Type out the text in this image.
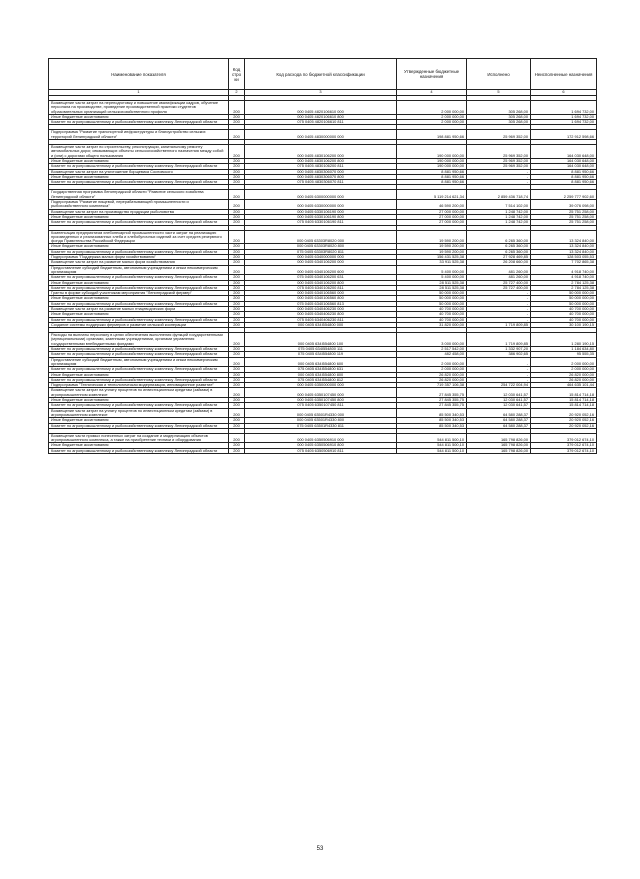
Наименование показателя	Код стро ки	Код расхода по бюджетной классификации	Утвержденные бюджетные назначения	Исполнено	Неисполненные назначения
1	2	3	4	5	6

Возмещение части затрат на переподготовку и повышение квалификации кадров, обучение персонала на производстве, проведение производственной практики студентов образовательных организаций сельскохозяйственного профиля	200	000 0405 4820106610 000	2 000 000,00	305 268,00	1 694 732,00
Иные бюджетные ассигнования	200	000 0405 4820106610 800	2 000 000,00	305 268,00	1 694 732,00
Комитет по агропромышленному и рыбохозяйственному комплексу Ленинградской области	200	075 0405 4820106610 811	2 000 000,00	305 268,00	1 694 732,00

Подпрограмма "Развитие транспортной инфраструктуры и благоустройство сельских территорий Ленинградской области"	200	000 0405 4830000000 000	198 881 950,66	25 969 352,00	172 912 598,66

Возмещение части затрат по строительству, реконструкции, капитальному ремонту автомобильных дорог, связывающих объекты сельскохозяйственного назначения между собой и (или) с дорогами общего пользования	200	000 0405 4830106200 000	190 000 000,00	25 969 352,00	164 030 648,00
Иные бюджетные ассигнования	200	000 0405 4830106200 800	190 000 000,00	25 969 352,00	164 030 648,00
Комитет по агропромышленному и рыбохозяйственному комплексу Ленинградской области	200	075 0405 4830106200 811	190 000 000,00	25 969 352,00	164 030 648,00
Возмещение части затрат на уничтожение борщевика Сосновского	200	000 0405 4830306070 000	8 881 950,66	-	8 881 950,66
Иные бюджетные ассигнования	200	000 0405 4830306070 800	8 881 950,66	-	8 881 950,66
Комитет по агропромышленному и рыбохозяйственному комплексу Ленинградской области	200	075 0405 4830306070 811	8 881 950,66	-	8 881 950,66

Государственная программа Ленинградской области "Развитие сельского хозяйства Ленинградской области"	200	000 0405 6300000000 000	5 119 214 621,34	2 859 436 718,74	2 259 777 902,60
Подпрограмма "Развитие пищевой, перерабатывающей промышленности и рыбохозяйственного комплекса"	200	000 0405 6330000000 000	46 590 200,00	7 514 102,00	39 076 098,00
Возмещение части затрат на производство продукции рыболовства	200	000 0405 6330106190 000	27 000 000,00	1 248 742,00	25 751 258,00
Иные бюджетные ассигнования	200	000 0405 6330106190 800	27 000 000,00	1 248 742,00	25 751 258,00
Комитет по агропромышленному и рыбохозяйственному комплексу Ленинградской области	200	075 0405 6330106190 811	27 000 000,00	1 248 742,00	25 751 258,00

Компенсация предприятиям хлебопекарной промышленности части затрат на реализацию произведенных и реализованных хлеба и хлебобулочных изделий за счет средств резервного фонда Правительства Российской Федерации	200	000 0405 63303R8020 000	19 590 200,00	6 265 360,00	13 324 840,00
Иные бюджетные ассигнования	200	000 0405 63303R8020 800	19 590 200,00	6 265 360,00	13 324 840,00
Комитет по агропромышленному и рыбохозяйственному комплексу Ленинградской области	200	075 0405 63303R8020 811	19 590 200,00	6 265 360,00	13 324 840,00
Подпрограмма "Поддержка малых форм хозяйствования"	200	000 0405 6340000000 000	156 431 525,38	27 928 469,85	128 503 055,53
Возмещение части затрат на развитие малых форм хозяйствования	200	000 0405 6340106200 000	33 911 525,38	26 208 660,00	7 702 865,38
Предоставление субсидий бюджетным, автономным учреждениям и иным некоммерческим организациям	200	000 0405 6340106200 600	5 400 000,00	481 260,00	4 918 740,00
Комитет по агропромышленному и рыбохозяйственному комплексу Ленинградской области	200	075 0405 6340106200 631	5 400 000,00	481 260,00	4 918 740,00
Иные бюджетные ассигнования	200	000 0405 6340106200 800	28 511 525,38	25 727 400,00	2 784 125,38
Комитет по агропромышленному и рыбохозяйственному комплексу Ленинградской области	200	075 0405 6340106200 811	28 511 525,38	25 727 400,00	2 784 125,38
Гранты в форме субсидий участникам мероприятия "Ленинградский фермер"	200	000 0405 6340106560 000	50 000 000,00	-	50 000 000,00
Иные бюджетные ассигнования	200	000 0405 6340106560 800	50 000 000,00	-	50 000 000,00
Комитет по агропромышленному и рыбохозяйственному комплексу Ленинградской области	200	075 0405 6340106560 813	50 000 000,00	-	50 000 000,00
Возмещение части затрат на развитие малых птицеводческих форм	200	000 0405 6340406230 000	40 700 000,00	-	40 700 000,00
Иные бюджетные ассигнования	200	000 0405 6340406230 800	40 700 000,00	-	40 700 000,00
Комитет по агропромышленному и рыбохозяйственному комплексу Ленинградской области	200	075 0405 6340406230 811	40 700 000,00	-	40 700 000,00
Создание системы поддержки фермеров и развитие сельской кооперации	200	000 0405 634I554800 000	31 820 000,00	1 719 809,85	30 100 190,15

Расходы на выплаты персоналу в целях обеспечения выполнения функций государственными (муниципальными) органами, казенными учреждениями, органами управления государственными внебюджетными фондами	200	000 0405 634I554800 100	3 000 000,00	1 719 809,85	1 280 190,15
Комитет по агропромышленному и рыбохозяйственному комплексу Ленинградской области	200	075 0405 634I554800 111	2 517 542,00	1 332 907,20	1 184 634,80
Комитет по агропромышленному и рыбохозяйственному комплексу Ленинградской области	200	075 0405 634I554800 119	482 458,00	386 902,65	95 555,35
Предоставление субсидий бюджетным, автономным учреждениям и иным некоммерческим организациям	200	000 0405 634I554800 600	2 000 000,00	-	2 000 000,00
Комитет по агропромышленному и рыбохозяйственному комплексу Ленинградской области	200	075 0405 634I554800 631	2 000 000,00	-	2 000 000,00
Иные бюджетные ассигнования	200	000 0405 634I554800 800	26 820 000,00	-	26 820 000,00
Комитет по агропромышленному и рыбохозяйственному комплексу Ленинградской области	200	075 0405 634I554800 812	26 820 000,00	-	26 820 000,00
Подпрограмма "Техническая и технологическая модернизация, инновационное развитие"	200	000 0405 6350000000 000	719 357 106,38	254 722 004,94	464 635 101,44
Возмещение части затрат на уплату процентов по инвестиционным кредитам (займам) в агропромышленном комплексе	200	000 0405 6350107450 000	27 845 355,75	12 030 641,57	15 814 714,18
Иные бюджетные ассигнования	200	000 0405 6350107450 800	27 845 355,75	12 030 641,57	15 814 714,18
Комитет по агропромышленному и рыбохозяйственному комплексу Ленинградской области	200	075 0405 6350107450 811	27 845 355,75	12 030 641,57	15 814 714,18
Возмещение части затрат на уплату процентов по инвестиционным кредитам (займам) в агропромышленном комплексе	200	000 0405 63501R4330 000	85 500 340,53	64 580 288,37	20 920 052,16
Иные бюджетные ассигнования	200	000 0405 63501R4330 800	85 500 340,53	64 580 288,37	20 920 052,16
Комитет по агропромышленному и рыбохозяйственному комплексу Ленинградской области	200	075 0405 63501R4330 811	85 500 340,53	64 580 288,37	20 920 052,16

Возмещение части прямых понесенных затрат на создание и модернизацию объектов агропромышленного комплекса, а также на приобретение техники и оборудования	200	000 0405 6350506910 000	544 811 500,10	165 798 826,00	379 012 674,10
Иные бюджетные ассигнования	200	000 0405 6350506910 800	544 811 500,10	165 798 826,00	379 012 674,10
Комитет по агропромышленному и рыбохозяйственному комплексу Ленинградской области	200	075 0405 6350506910 811	544 811 500,10	165 798 826,00	379 012 674,10
53
